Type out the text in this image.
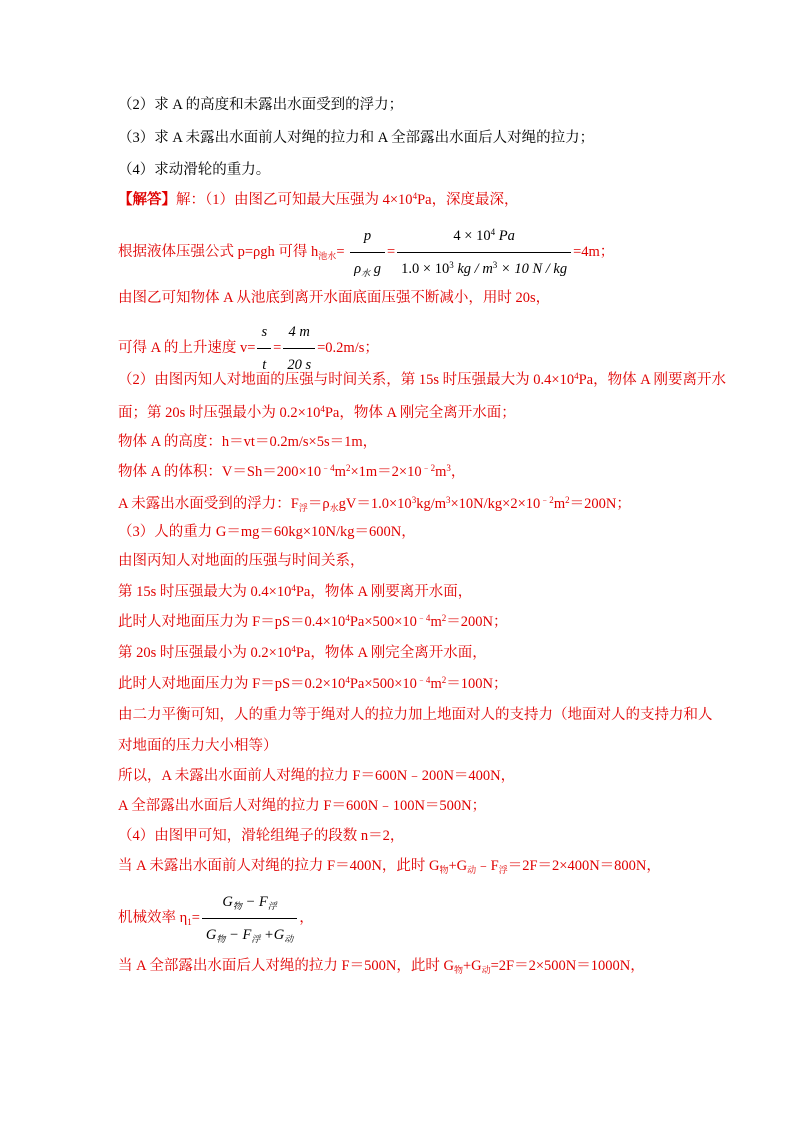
（2）求 A 的高度和未露出水面受到的浮力；
（3）求 A 未露出水面前人对绳的拉力和 A 全部露出水面后人对绳的拉力；
（4）求动滑轮的重力。
【解答】解：（1）由图乙可知最大压强为 $4\times 10^4Pa$，深度最深，
根据液体压强公式 p=ρgh 可得 $h_{池水}= \frac{p}{\rho_水 g} = \frac{4 \times 10^4 Pa}{1.0 \times 10^3 kg / m^3 \times 10 N / kg} =4m$；
由图乙可知物体 A 从池底到离开水面底面压强不断减小，用时 20s，
可得 A 的上升速度 $v= \frac{s}{t} = \frac{4 m}{20 s} =0.2m/s$；
（2）由图丙知人对地面的压强与时间关系，第 15s 时压强最大为 $0.4\times 10^4Pa$，物体 A 刚要离开水
面；第 20s 时压强最小为 $0.2\times 10^4Pa$，物体 A 刚完全离开水面；
物体 A 的高度：h＝vt＝0.2m/s×5s＝1m，
物体 A 的体积：$V=Sh=200\times 10^{﹣4}m^2\times 1m=2\times 10^{﹣2}m^3$，
A 未露出水面受到的浮力：$F_浮=\rho_水gV=1.0\times 10^3kg/m^3\times 10N/kg\times 2\times 10^{﹣2}m^2=200N$；
（3）人的重力 G＝mg＝60kg×10N/kg＝600N，
由图丙知人对地面的压强与时间关系，
第 15s 时压强最大为 $0.4\times 10^4Pa$，物体 A 刚要离开水面，
此时人对地面压力为 $F=pS=0.4\times 10^4Pa\times 500\times 10^{﹣4}m^2=200N$；
第 20s 时压强最小为 $0.2\times 10^4Pa$，物体 A 刚完全离开水面，
此时人对地面压力为 $F=pS=0.2\times 10^4Pa\times 500\times 10^{﹣4}m^2=100N$；
由二力平衡可知，人的重力等于绳对人的拉力加上地面对人的支持力（地面对人的支持力和人
对地面的压力大小相等）
所以，A 未露出水面前人对绳的拉力 F＝600N﹣200N＝400N，
A 全部露出水面后人对绳的拉力 F＝600N﹣100N＝500N；
（4）由图甲可知，滑轮组绳子的段数 n＝2，
当 A 未露出水面前人对绳的拉力 F＝400N，此时 $G_物+G_动﹣F_浮=2F=2\times 400N=800N$，
机械效率 $\eta_1= \frac{G_物 - F_浮}{G_物 - F_浮 +G_动}$ ，
当 A 全部露出水面后人对绳的拉力 F＝500N，此时 $G_物+G_动=2F=2\times 500N=1000N$，
